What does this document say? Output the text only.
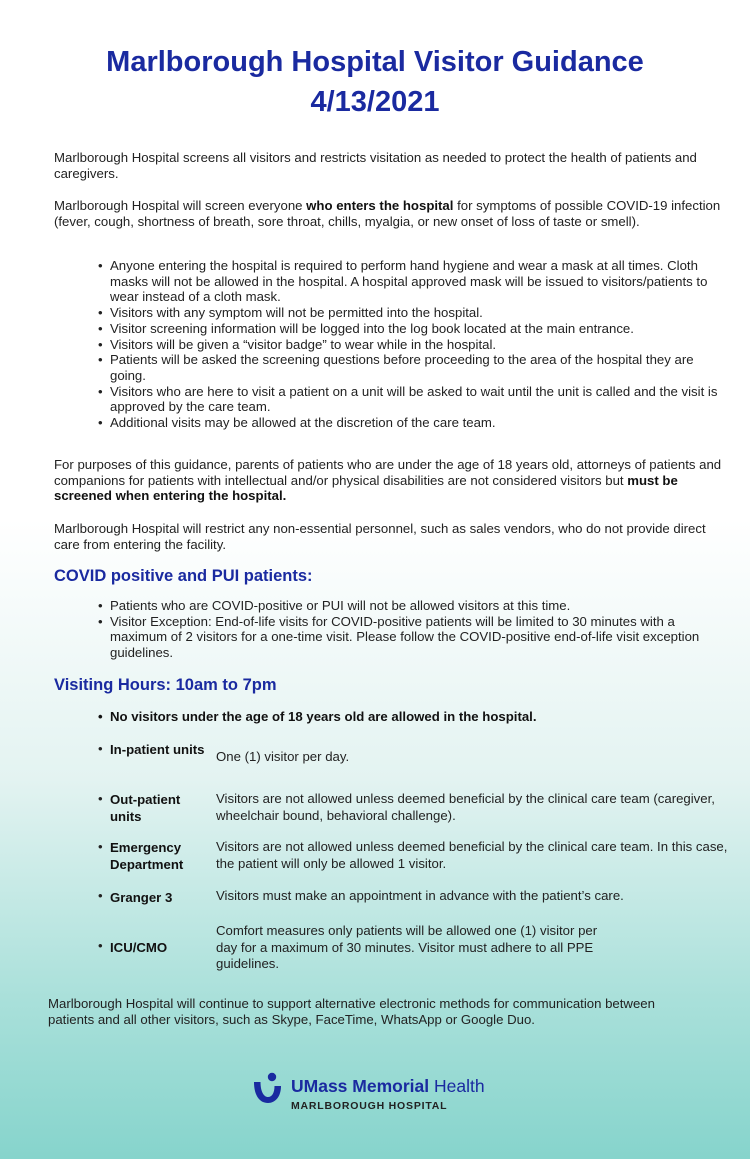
Marlborough Hospital Visitor Guidance
4/13/2021

Marlborough Hospital screens all visitors and restricts visitation as needed to protect the health of patients and caregivers.

Marlborough Hospital will screen everyone who enters the hospital for symptoms of possible COVID-19 infection (fever, cough, shortness of breath, sore throat, chills, myalgia, or new onset of loss of taste or smell).

• Anyone entering the hospital is required to perform hand hygiene and wear a mask at all times. Cloth masks will not be allowed in the hospital. A hospital approved mask will be issued to visitors/patients to wear instead of a cloth mask.
• Visitors with any symptom will not be permitted into the hospital.
• Visitor screening information will be logged into the log book located at the main entrance.
• Visitors will be given a “visitor badge” to wear while in the hospital.
• Patients will be asked the screening questions before proceeding to the area of the hospital they are going.
• Visitors who are here to visit a patient on a unit will be asked to wait until the unit is called and the visit is approved by the care team.
• Additional visits may be allowed at the discretion of the care team.

For purposes of this guidance, parents of patients who are under the age of 18 years old, attorneys of patients and companions for patients with intellectual and/or physical disabilities are not considered visitors but must be screened when entering the hospital.

Marlborough Hospital will restrict any non-essential personnel, such as sales vendors, who do not provide direct care from entering the facility.

COVID positive and PUI patients:
• Patients who are COVID-positive or PUI will not be allowed visitors at this time.
• Visitor Exception: End-of-life visits for COVID-positive patients will be limited to 30 minutes with a maximum of 2 visitors for a one-time visit. Please follow the COVID-positive end-of-life visit exception guidelines.
Visiting Hours: 10am to 7pm
• No visitors under the age of 18 years old are allowed in the hospital.
• In-patient units One (1) visitor per day.
• Out-patient units
Visitors are not allowed unless deemed beneficial by the clinical care team (caregiver, wheelchair bound, behavioral challenge).
• Emergency Department
Visitors are not allowed unless deemed beneficial by the clinical care team. In this case, the patient will only be allowed 1 visitor.
• Granger 3	Visitors must make an appointment in advance with the patient’s care.
• ICU/CMO
Comfort measures only patients will be allowed one (1) visitor per day for a maximum of 30 minutes. Visitor must adhere to all PPE guidelines.

Marlborough Hospital will continue to support alternative electronic methods for communication between patients and all other visitors, such as Skype, FaceTime, WhatsApp or Google Duo.

UMass Memorial Health
MARLBOROUGH HOSPITAL
